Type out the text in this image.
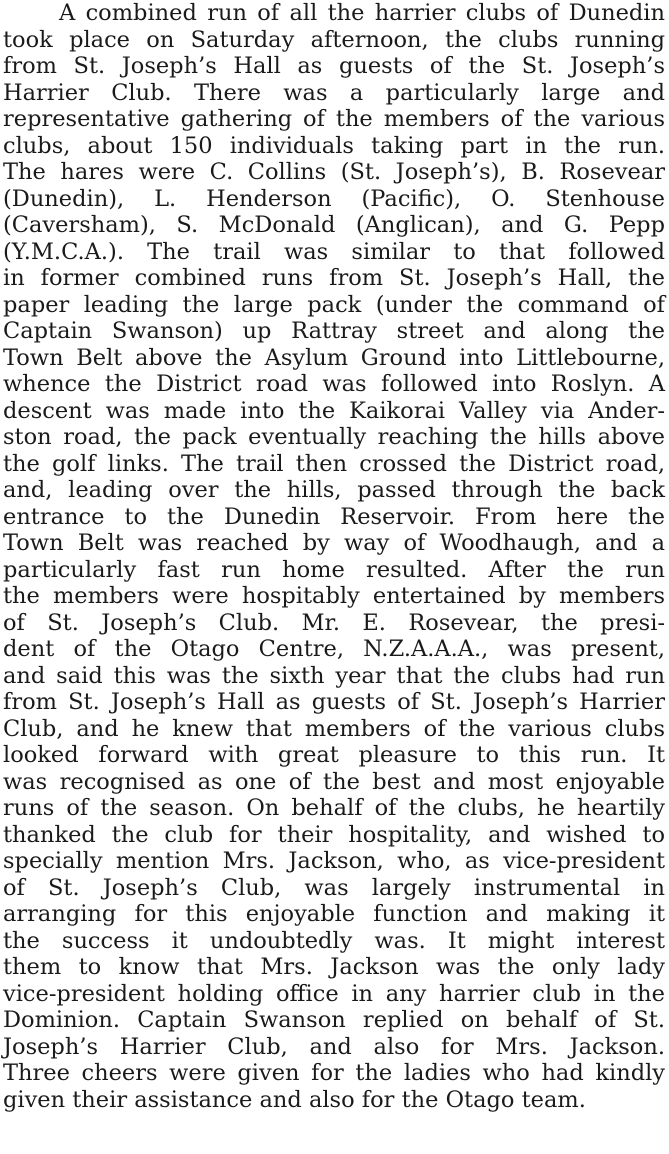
A combined run of all the harrier clubs of Dunedin
took place on Saturday afternoon, the clubs running
from St. Joseph’s Hall as guests of the St. Joseph’s
Harrier Club. There was a particularly large and
representative gathering of the members of the various
clubs, about 150 individuals taking part in the run.
The hares were C. Collins (St. Joseph’s), B. Rosevear
(Dunedin), L. Henderson (Pacific), O. Stenhouse
(Caversham), S. McDonald (Anglican), and G. Pepp
(Y.M.C.A.). The trail was similar to that followed
in former combined runs from St. Joseph’s Hall, the
paper leading the large pack (under the command of
Captain Swanson) up Rattray street and along the
Town Belt above the Asylum Ground into Littlebourne,
whence the District road was followed into Roslyn. A
descent was made into the Kaikorai Valley via Ander-
ston road, the pack eventually reaching the hills above
the golf links. The trail then crossed the District road,
and, leading over the hills, passed through the back
entrance to the Dunedin Reservoir. From here the
Town Belt was reached by way of Woodhaugh, and a
particularly fast run home resulted. After the run
the members were hospitably entertained by members
of St. Joseph’s Club. Mr. E. Rosevear, the presi-
dent of the Otago Centre, N.Z.A.A.A., was present,
and said this was the sixth year that the clubs had run
from St. Joseph’s Hall as guests of St. Joseph’s Harrier
Club, and he knew that members of the various clubs
looked forward with great pleasure to this run. It
was recognised as one of the best and most enjoyable
runs of the season. On behalf of the clubs, he heartily
thanked the club for their hospitality, and wished to
specially mention Mrs. Jackson, who, as vice-president
of St. Joseph’s Club, was largely instrumental in
arranging for this enjoyable function and making it
the success it undoubtedly was. It might interest
them to know that Mrs. Jackson was the only lady
vice-president holding office in any harrier club in the
Dominion. Captain Swanson replied on behalf of St.
Joseph’s Harrier Club, and also for Mrs. Jackson.
Three cheers were given for the ladies who had kindly
given their assistance and also for the Otago team.
